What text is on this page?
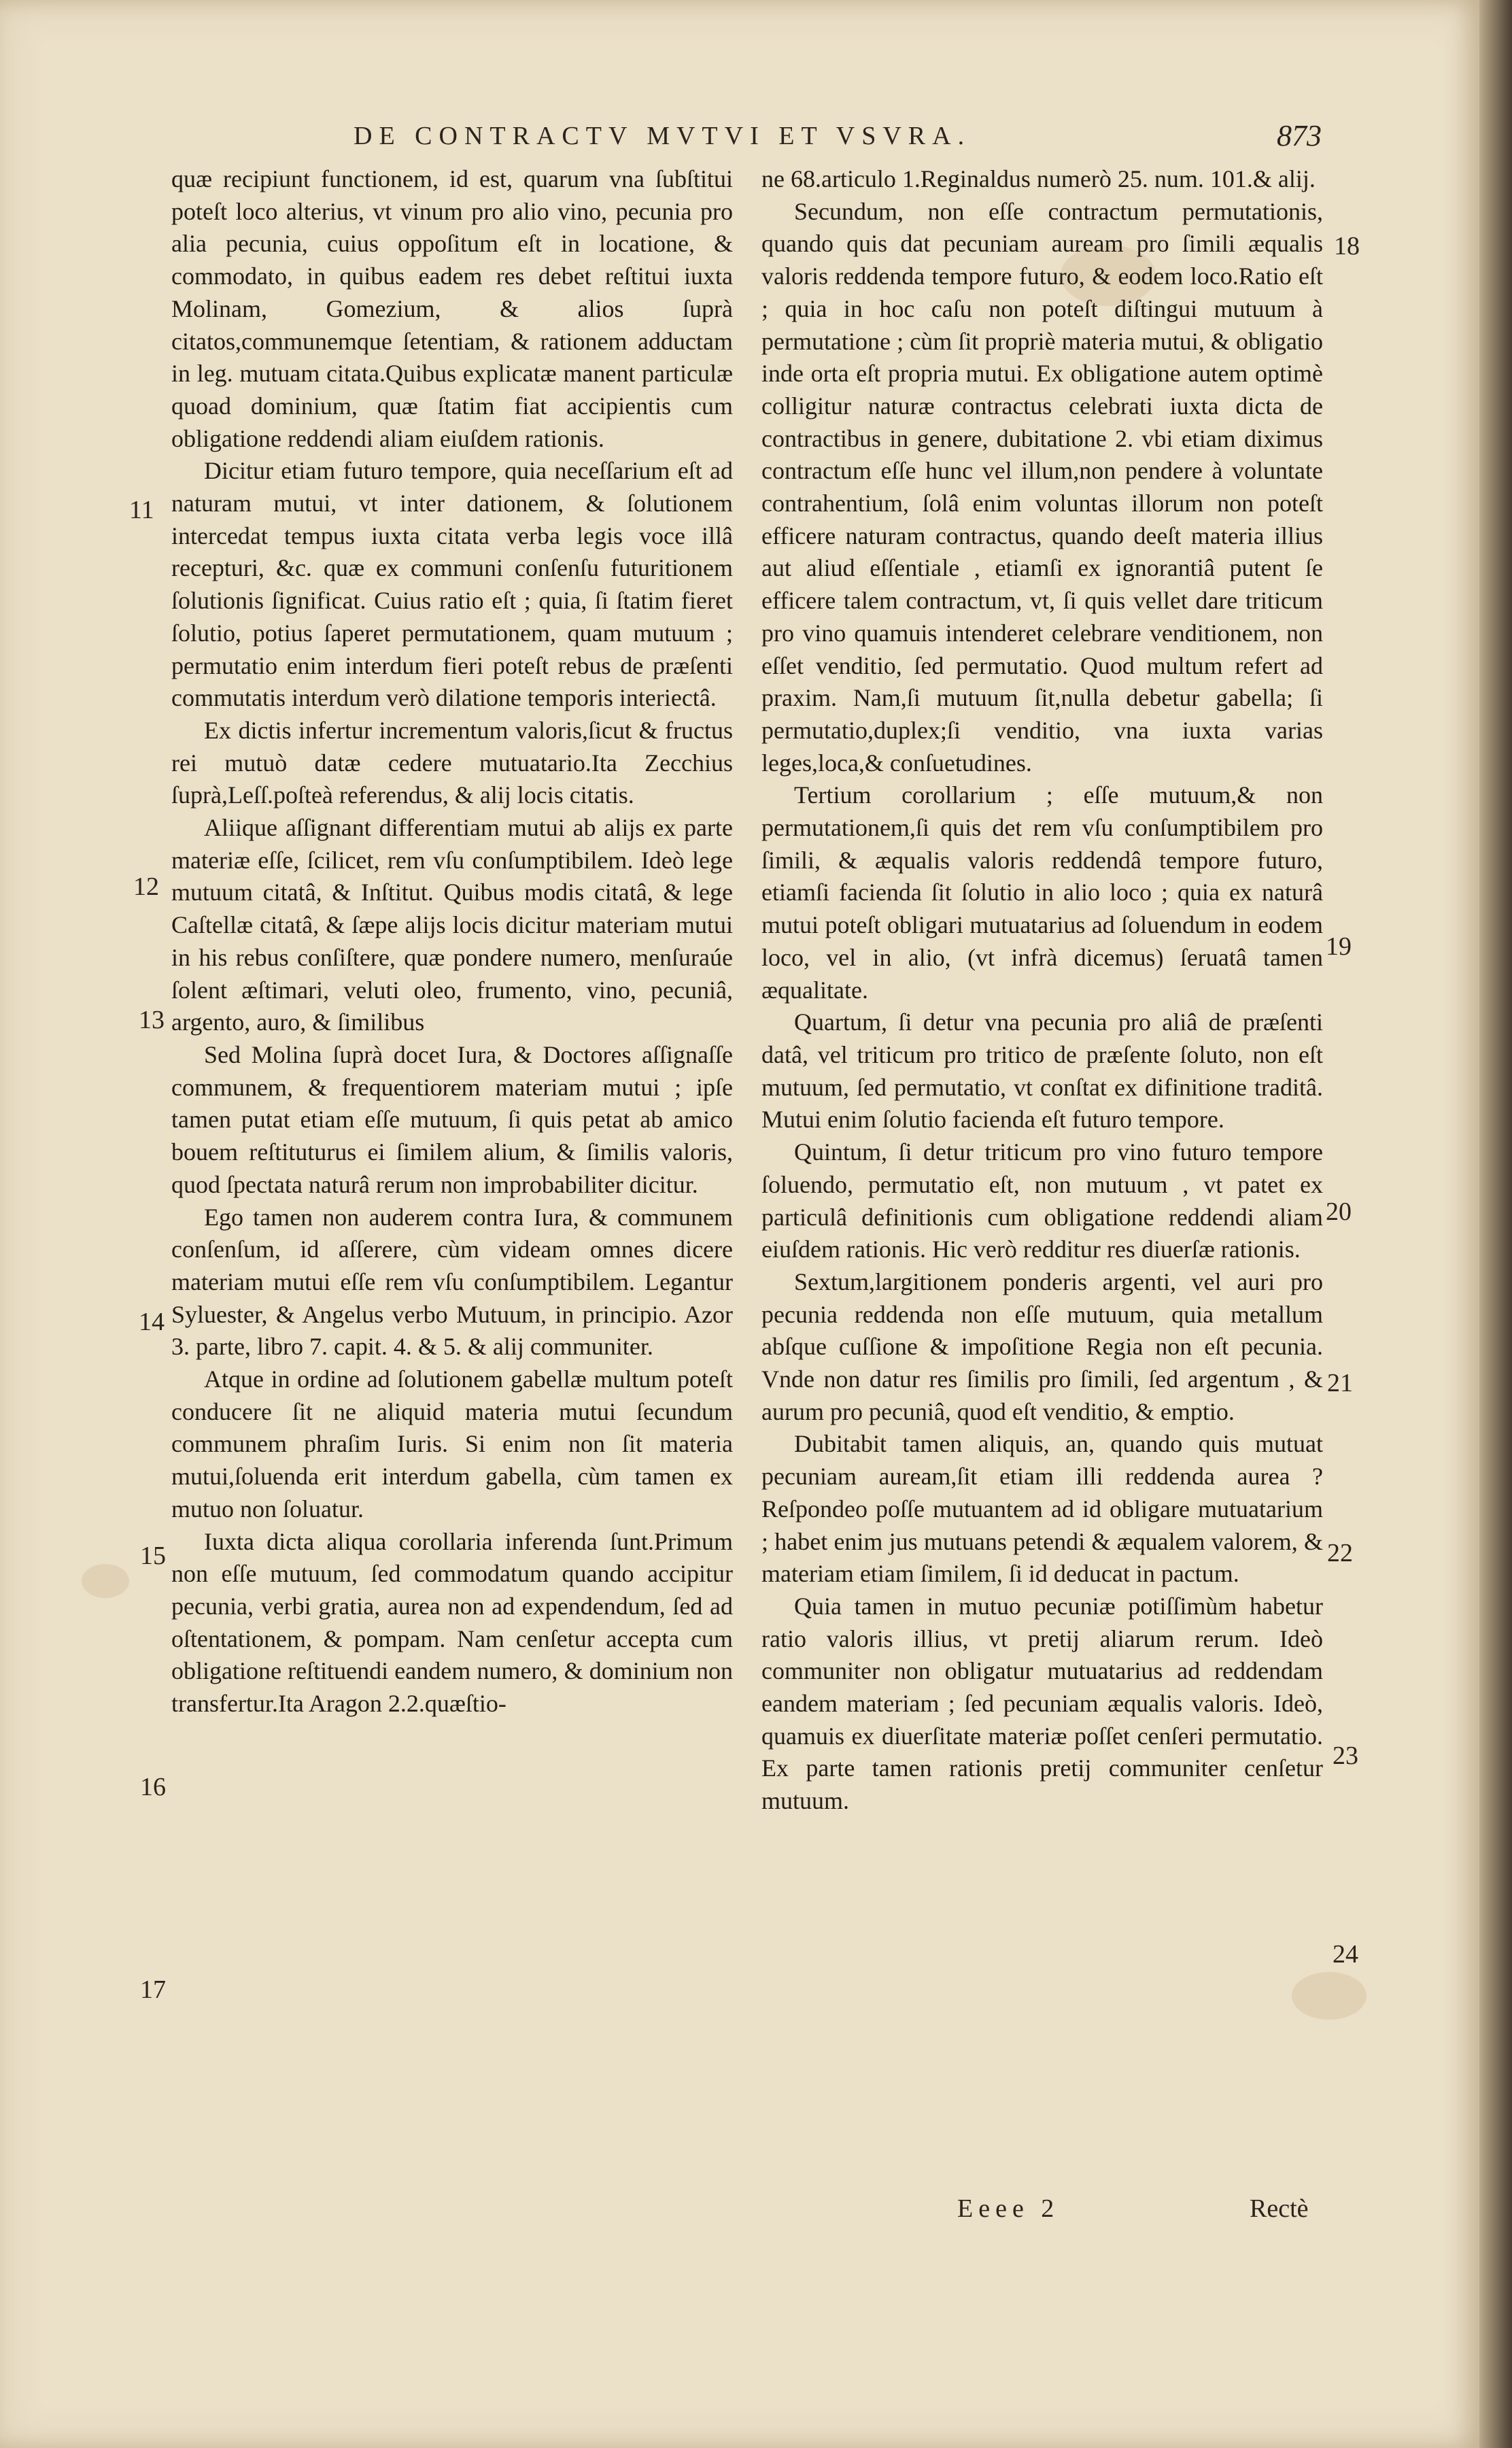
DE CONTRACTV MVTVI ET VSVRA.	873

quæ recipiunt functionem, id est, quarum vna ſubſtitui poteſt loco alterius, vt vinum pro alio vino, pecunia pro alia pecunia, cuius oppoſitum eſt in locatione, & commodato, in quibus eadem res debet reſtitui iuxta Molinam, Gomezium, & alios ſuprà citatos,communemque ſetentiam, & rationem adductam in leg. mutuam citata.Quibus explicatæ manent particulæ quoad dominium, quæ ſtatim fiat accipientis cum obligatione reddendi aliam eiuſdem rationis.

Dicitur etiam futuro tempore, quia neceſſarium eſt ad naturam mutui, vt inter dationem, & ſolutionem intercedat tempus iuxta citata verba legis voce illâ recepturi, &c. quæ ex communi conſenſu futuritionem ſolutionis ſignificat. Cuius ratio eſt ; quia, ſi ſtatim fieret ſolutio, potius ſaperet permutationem, quam mutuum ; permutatio enim interdum fieri poteſt rebus de præſenti commutatis interdum verò dilatione temporis interiectâ.

Ex dictis infertur incrementum valoris,ſicut & fructus rei mutuò datæ cedere mutuatario.Ita Zecchius ſuprà,Leſſ.poſteà referendus, & alij locis citatis.

Aliique aſſignant differentiam mutui ab alijs ex parte materiæ eſſe, ſcilicet, rem vſu conſumptibilem. Ideò lege mutuum citatâ, & Inſtitut. Quibus modis citatâ, & lege Caſtellæ citatâ, & ſæpe alijs locis dicitur materiam mutui in his rebus conſiſtere, quæ pondere numero, menſuraúe ſolent æſtimari, veluti oleo, frumento, vino, pecuniâ, argento, auro, & ſimilibus

Sed Molina ſuprà docet Iura, & Doctores aſſignaſſe communem, & frequentiorem materiam mutui ; ipſe tamen putat etiam eſſe mutuum, ſi quis petat ab amico bouem reſtituturus ei ſimilem alium, & ſimilis valoris, quod ſpectata naturâ rerum non improbabiliter dicitur.

Ego tamen non auderem contra Iura, & communem conſenſum, id aſſerere, cùm videam omnes dicere materiam mutui eſſe rem vſu conſumptibilem. Legantur Syluester, & Angelus verbo Mutuum, in principio. Azor 3. parte, libro 7. capit. 4. & 5. & alij communiter.

Atque in ordine ad ſolutionem gabellæ multum poteſt conducere ſit ne aliquid materia mutui ſecundum communem phraſim Iuris. Si enim non ſit materia mutui,ſoluenda erit interdum gabella, cùm tamen ex mutuo non ſoluatur.

Iuxta dicta aliqua corollaria inferenda ſunt.Primum non eſſe mutuum, ſed commodatum quando accipitur pecunia, verbi gratia, aurea non ad expendendum, ſed ad oſtentationem, & pompam. Nam cenſetur accepta cum obligatione reſtituendi eandem numero, & dominium non transfertur.Ita Aragon 2.2.quæſtio-

ne 68.articulo 1.Reginaldus numerò 25. num. 101.& alij.

Secundum, non eſſe contractum permutationis, quando quis dat pecuniam auream pro ſimili æqualis valoris reddenda tempore futuro, & eodem loco.Ratio eſt ; quia in hoc caſu non poteſt diſtingui mutuum à permutatione ; cùm ſit propriè materia mutui, & obligatio inde orta eſt propria mutui. Ex obligatione autem optimè colligitur naturæ contractus celebrati iuxta dicta de contractibus in genere, dubitatione 2. vbi etiam diximus contractum eſſe hunc vel illum,non pendere à voluntate contrahentium, ſolâ enim voluntas illorum non poteſt efficere naturam contractus, quando deeſt materia illius aut aliud eſſentiale , etiamſi ex ignorantiâ putent ſe efficere talem contractum, vt, ſi quis vellet dare triticum pro vino quamuis intenderet celebrare venditionem, non eſſet venditio, ſed permutatio. Quod multum refert ad praxim. Nam,ſi mutuum ſit,nulla debetur gabella; ſi permutatio,duplex;ſi venditio, vna iuxta varias leges,loca,& conſuetudines.

Tertium corollarium ; eſſe mutuum,& non permutationem,ſi quis det rem vſu conſumptibilem pro ſimili, & æqualis valoris reddendâ tempore futuro, etiamſi facienda ſit ſolutio in alio loco ; quia ex naturâ mutui poteſt obligari mutuatarius ad ſoluendum in eodem loco, vel in alio, (vt infrà dicemus) ſeruatâ tamen æqualitate.

Quartum, ſi detur vna pecunia pro aliâ de præſenti datâ, vel triticum pro tritico de præſente ſoluto, non eſt mutuum, ſed permutatio, vt conſtat ex difinitione traditâ. Mutui enim ſolutio facienda eſt futuro tempore.

Quintum, ſi detur triticum pro vino futuro tempore ſoluendo, permutatio eſt, non mutuum , vt patet ex particulâ definitionis cum obligatione reddendi aliam eiuſdem rationis. Hic verò redditur res diuerſæ rationis.

Sextum,largitionem ponderis argenti, vel auri pro pecunia reddenda non eſſe mutuum, quia metallum abſque cuſſione & impoſitione Regia non eſt pecunia. Vnde non datur res ſimilis pro ſimili, ſed argentum , & aurum pro pecuniâ, quod eſt venditio, & emptio.

Dubitabit tamen aliquis, an, quando quis mutuat pecuniam auream,ſit etiam illi reddenda aurea ? Reſpondeo poſſe mutuantem ad id obligare mutuatarium ; habet enim jus mutuans petendi & æqualem valorem, & materiam etiam ſimilem, ſi id deducat in pactum.

Quia tamen in mutuo pecuniæ potiſſimùm habetur ratio valoris illius, vt pretij aliarum rerum. Ideò communiter non obligatur mutuatarius ad reddendam eandem materiam ; ſed pecuniam æqualis valoris. Ideò, quamuis ex diuerſitate materiæ poſſet cenſeri permutatio. Ex parte tamen rationis pretij communiter cenſetur mutuum.

11
12
13
14
15
16
17
18
19
20
21
22
23
24
Eeee 2	Rectè
